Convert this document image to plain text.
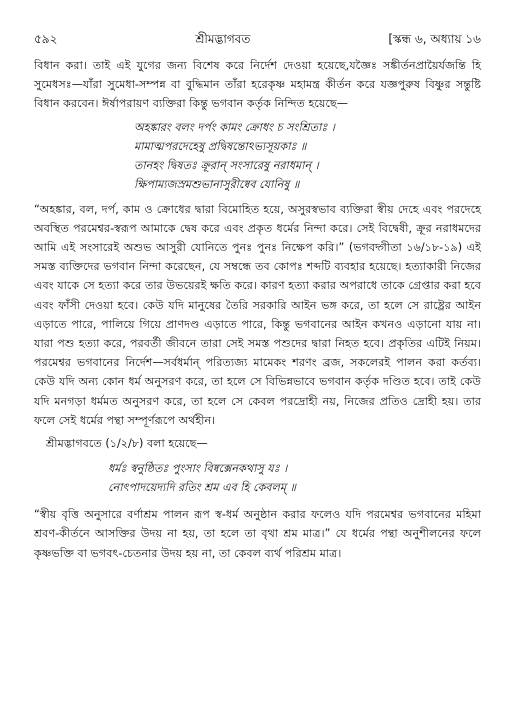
৫৯২	শ্রীমদ্ভাগবত	[স্কন্ধ ৬, অধ্যায় ১৬

বিধান করা। তাই এই যুগের জন্য বিশেষ করে নির্দেশ দেওয়া হয়েছে,যজ্ঞৈঃ সঙ্কীর্তনপ্রায়ৈর্যজন্তি হি সুমেধসঃ—যাঁরা সুমেধা-সম্পন্ন বা বুদ্ধিমান তাঁরা হরেকৃষ্ণ মহামন্ত্র কীর্তন করে যজ্ঞপুরুষ বিষ্ণুর সন্তুষ্টি বিধান করবেন। ঈর্ষাপরায়ণ ব্যক্তিরা কিন্তু ভগবান কর্তৃক নিন্দিত হয়েছে—

অহঙ্কারং বলং দর্পং কামং ক্রোধং চ সংশ্রিতাঃ ।
মামাত্মপরদেহেষু প্রদ্বিষন্তোঽভ্যসূয়কাঃ ॥
তানহং দ্বিষতঃ ক্রূরান্ সংসারেষু নরাধমান্ ।
ক্ষিপাম্যজস্রমশুভানাসুরীষ্বেব যোনিষু ॥

“অহঙ্কার, বল, দর্প, কাম ও ক্রোধের দ্বারা বিমোহিত হয়ে, অসুরস্বভাব ব্যক্তিরা স্বীয় দেহে এবং পরদেহে অবস্থিত পরমেশ্বর-স্বরূপ আমাকে দ্বেষ করে এবং প্রকৃত ধর্মের নিন্দা করে। সেই বিদ্বেষী, ক্রূর নরাধমদের আমি এই সংসারেই অশুভ আসুরী যোনিতে পুনঃ পুনঃ নিক্ষেপ করি।” (ভগবদ্গীতা ১৬/১৮-১৯) এই সমস্ত ব্যক্তিদের ভগবান নিন্দা করেছেন, যে সম্বন্ধে তব কোপঃ শব্দটি ব্যবহার হয়েছে। হত্যাকারী নিজের এবং যাকে সে হত্যা করে তার উভয়েরই ক্ষতি করে। কারণ হত্যা করার অপরাধে তাকে গ্রেপ্তার করা হবে এবং ফাঁসী দেওয়া হবে। কেউ যদি মানুষের তৈরি সরকারি আইন ভঙ্গ করে, তা হলে সে রাষ্ট্রের আইন এড়াতে পারে, পালিয়ে গিয়ে প্রাণদণ্ড এড়াতে পারে, কিন্তু ভগবানের আইন কখনও এড়ানো যায় না। যারা পশু হত্যা করে, পরবর্তী জীবনে তারা সেই সমস্ত পশুদের দ্বারা নিহত হবে। প্রকৃতির এটিই নিয়ম। পরমেশ্বর ভগবানের নির্দেশ—সর্বধর্মান্ পরিত্যজ্য মামেকং শরণং ব্রজ, সকলেরই পালন করা কর্তব্য। কেউ যদি অন্য কোন ধর্ম অনুসরণ করে, তা হলে সে বিভিন্নভাবে ভগবান কর্তৃক দণ্ডিত হবে। তাই কেউ যদি মনগড়া ধর্মমত অনুসরণ করে, তা হলে সে কেবল পরদ্রোহী নয়, নিজের প্রতিও দ্রোহী হয়। তার ফলে সেই ধর্মের পন্থা সম্পূর্ণরূপে অর্থহীন।

শ্রীমদ্ভাগবতে (১/২/৮) বলা হয়েছে—

ধর্মঃ স্বনুষ্ঠিতঃ পুংসাং বিষ্বক্সেনকথাসু যঃ ।
নোৎপাদয়েদ্যদি রতিং শ্রম এব হি কেবলম্ ॥

“স্বীয় বৃত্তি অনুসারে বর্ণাশ্রম পালন রূপ স্ব-ধর্ম অনুষ্ঠান করার ফলেও যদি পরমেশ্বর ভগবানের মহিমা শ্রবণ-কীর্তনে আসক্তির উদয় না হয়, তা হলে তা বৃথা শ্রম মাত্র।” যে ধর্মের পন্থা অনুশীলনের ফলে কৃষ্ণভক্তি বা ভগবৎ-চেতনার উদয় হয় না, তা কেবল ব্যর্থ পরিশ্রম মাত্র।
